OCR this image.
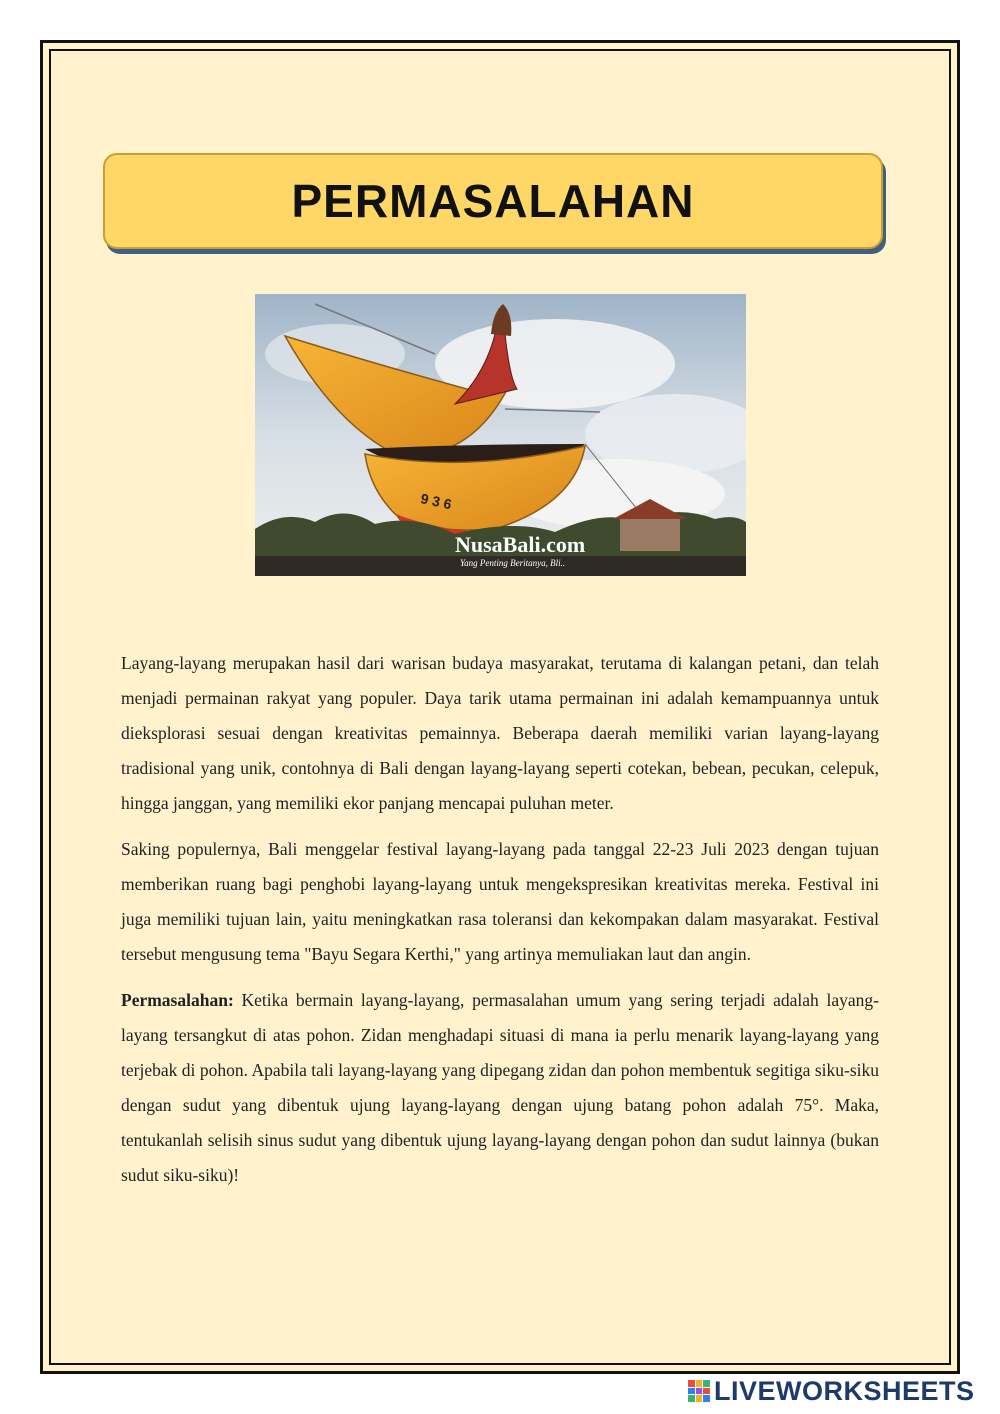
PERMASALAHAN
9 3 6
NusaBali.com
Yang Penting Beritanya, Bli..

Layang-layang merupakan hasil dari warisan budaya masyarakat, terutama di kalangan petani, dan telah menjadi permainan rakyat yang populer. Daya tarik utama permainan ini adalah kemampuannya untuk dieksplorasi sesuai dengan kreativitas pemainnya. Beberapa daerah memiliki varian layang-layang tradisional yang unik, contohnya di Bali dengan layang-layang seperti cotekan, bebean, pecukan, celepuk, hingga janggan, yang memiliki ekor panjang mencapai puluhan meter.

Saking populernya, Bali menggelar festival layang-layang pada tanggal 22-23 Juli 2023 dengan tujuan memberikan ruang bagi penghobi layang-layang untuk mengekspresikan kreativitas mereka. Festival ini juga memiliki tujuan lain, yaitu meningkatkan rasa toleransi dan kekompakan dalam masyarakat. Festival tersebut mengusung tema "Bayu Segara Kerthi," yang artinya memuliakan laut dan angin.

Permasalahan: Ketika bermain layang-layang, permasalahan umum yang sering terjadi adalah layang-layang tersangkut di atas pohon. Zidan menghadapi situasi di mana ia perlu menarik layang-layang yang terjebak di pohon. Apabila tali layang-layang yang dipegang zidan dan pohon membentuk segitiga siku-siku dengan sudut yang dibentuk ujung layang-layang dengan ujung batang pohon adalah 75°. Maka, tentukanlah selisih sinus sudut yang dibentuk ujung layang-layang dengan pohon dan sudut lainnya (bukan sudut siku-siku)!

LIVEWORKSHEETS
